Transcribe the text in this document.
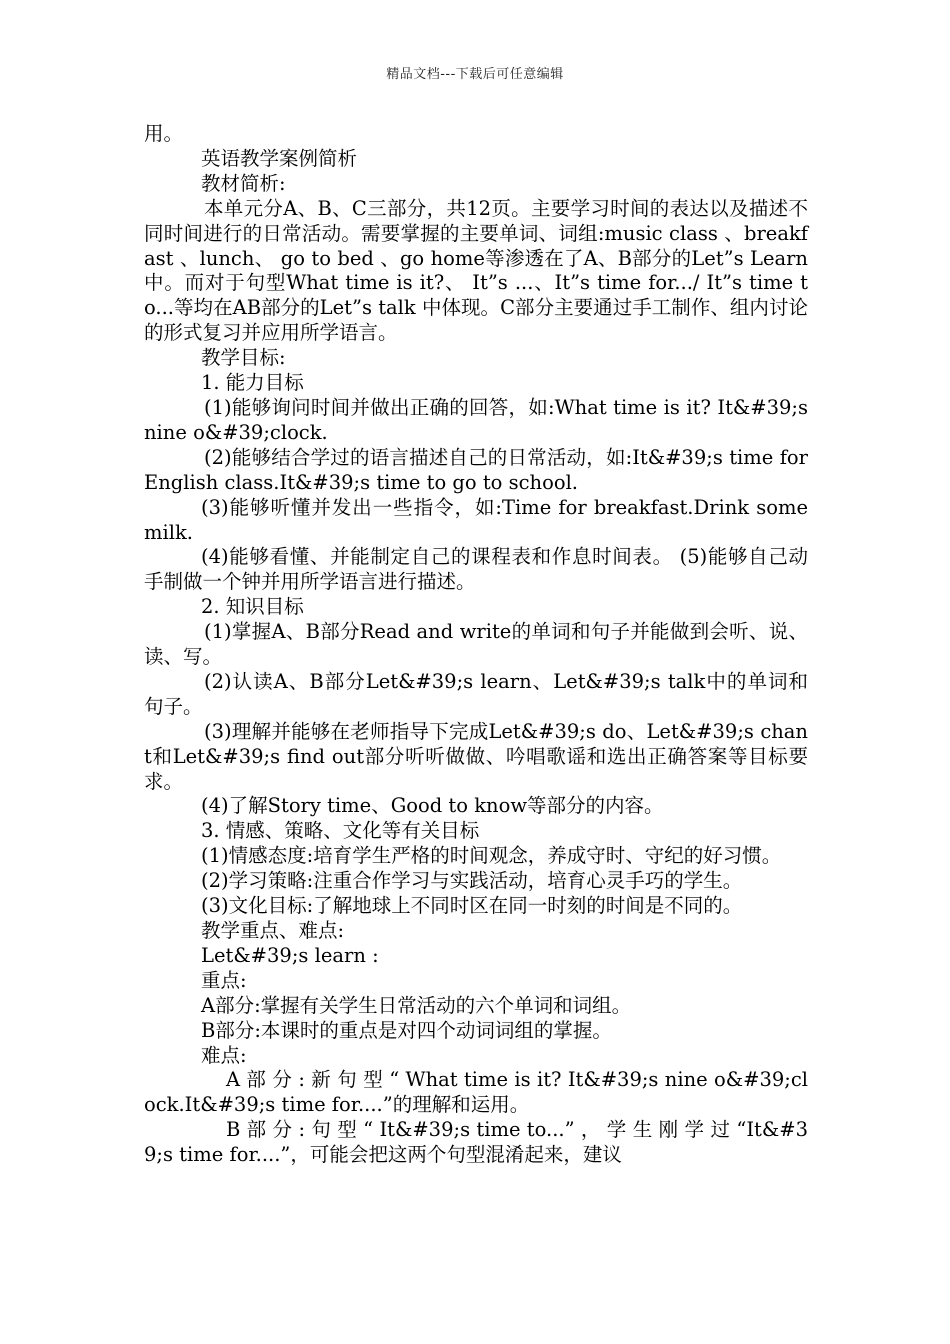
精品文档---下载后可任意编辑

用。

英语教学案例简析

教材简析:

本单元分A、B、C三部分，共12页。主要学习时间的表达以及描述不同时间进行的日常活动。需要掌握的主要单词、词组:music class 、breakfast 、lunch、 go to bed 、go home等渗透在了A、B部分的Let”s Learn 中。而对于句型What time is it?、 It”s ...、It”s time for.../ It”s time to...等均在AB部分的Let”s talk 中体现。C部分主要通过手工制作、组内讨论的形式复习并应用所学语言。

教学目标:

1. 能力目标

(1)能够询问时间并做出正确的回答，如:What time is it? It&#39;s nine o&#39;clock.

(2)能够结合学过的语言描述自己的日常活动，如:It&#39;s time for English class.It&#39;s time to go to school.

(3)能够听懂并发出一些指令，如:Time for breakfast.Drink some milk.

(4)能够看懂、并能制定自己的课程表和作息时间表。 (5)能够自己动手制做一个钟并用所学语言进行描述。

2. 知识目标

(1)掌握A、B部分Read and write的单词和句子并能做到会听、说、读、写。

(2)认读A、B部分Let&#39;s learn、Let&#39;s talk中的单词和句子。

(3)理解并能够在老师指导下完成Let&#39;s do、Let&#39;s chant和Let&#39;s find out部分听听做做、吟唱歌谣和选出正确答案等目标要求。

(4)了解Story time、Good to know等部分的内容。

3. 情感、策略、文化等有关目标

(1)情感态度:培育学生严格的时间观念，养成守时、守纪的好习惯。

(2)学习策略:注重合作学习与实践活动，培育心灵手巧的学生。

(3)文化目标:了解地球上不同时区在同一时刻的时间是不同的。

教学重点、难点:

Let&#39;s learn :

重点:

A部分:掌握有关学生日常活动的六个单词和词组。

B部分:本课时的重点是对四个动词词组的掌握。

难点:

A 部 分 : 新 句 型 “ What time is it? It&#39;s nine o&#39;clock.It&#39;s time for....”的理解和运用。

B 部 分 : 句 型 “ It&#39;s time to...” ， 学 生 刚 学 过 “It&#39;s time for....”，可能会把这两个句型混淆起来，建议
